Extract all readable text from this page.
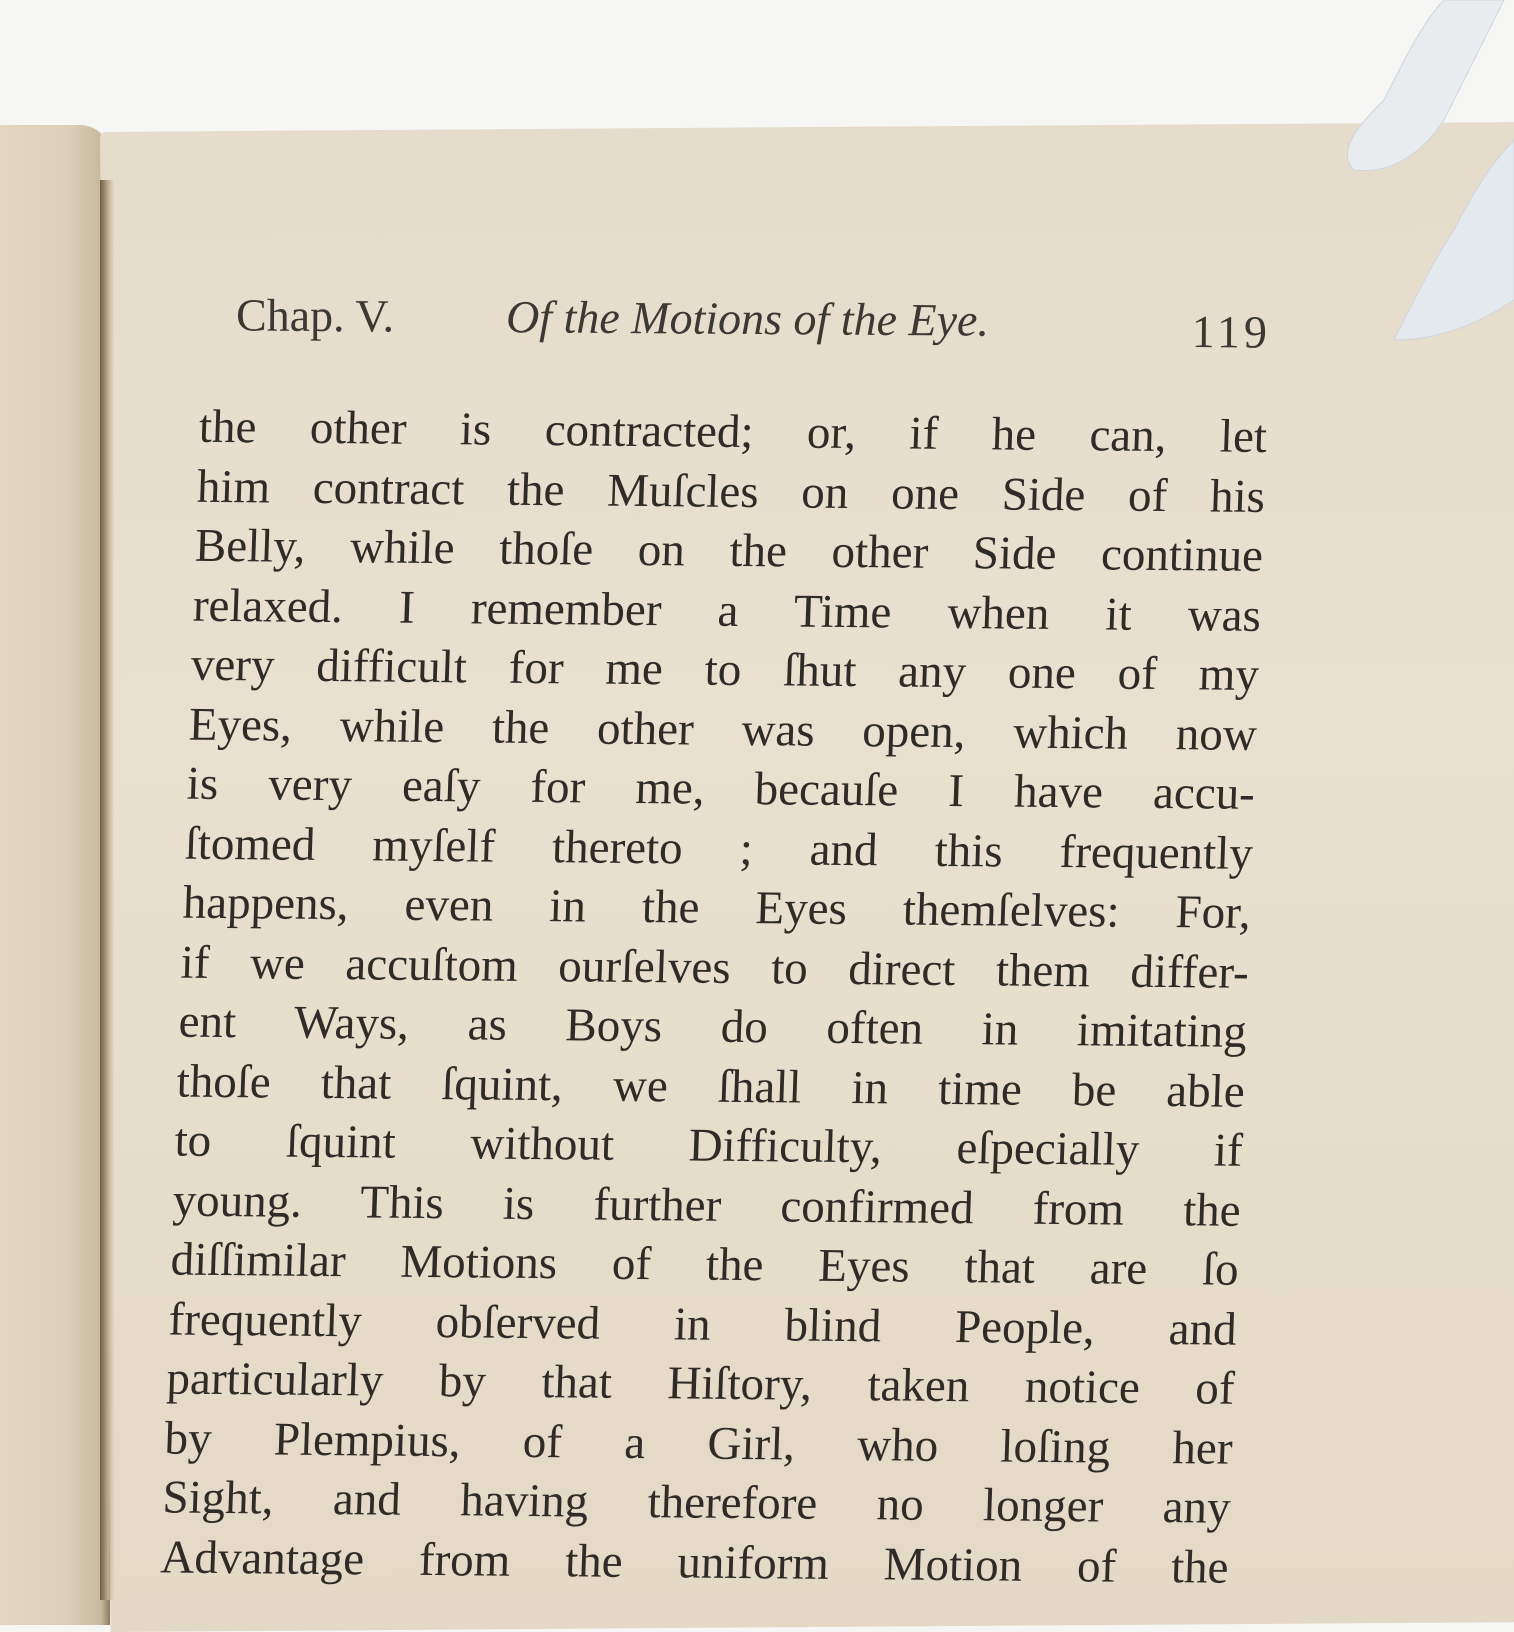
Chap. V. Of the Motions of the Eye.	119
the other is contracted; or, if he can, let
him contract the Muſcles on one Side of his
Belly, while thoſe on the other Side continue
relaxed. I remember a Time when it was
very difficult for me to ſhut any one of my
Eyes, while the other was open, which now
is very eaſy for me, becauſe I have accu-
ſtomed myſelf thereto ; and this frequently
happens, even in the Eyes themſelves: For,
if we accuſtom ourſelves to direct them differ-
ent Ways, as Boys do often in imitating
thoſe that ſquint, we ſhall in time be able
to ſquint without Difficulty, eſpecially if
young. This is further confirmed from the
diſſimilar Motions of the Eyes that are ſo
frequently obſerved in blind People, and
particularly by that Hiſtory, taken notice of
by Plempius, of a Girl, who loſing her
Sight, and having therefore no longer any
Advantage from the uniform Motion of the
